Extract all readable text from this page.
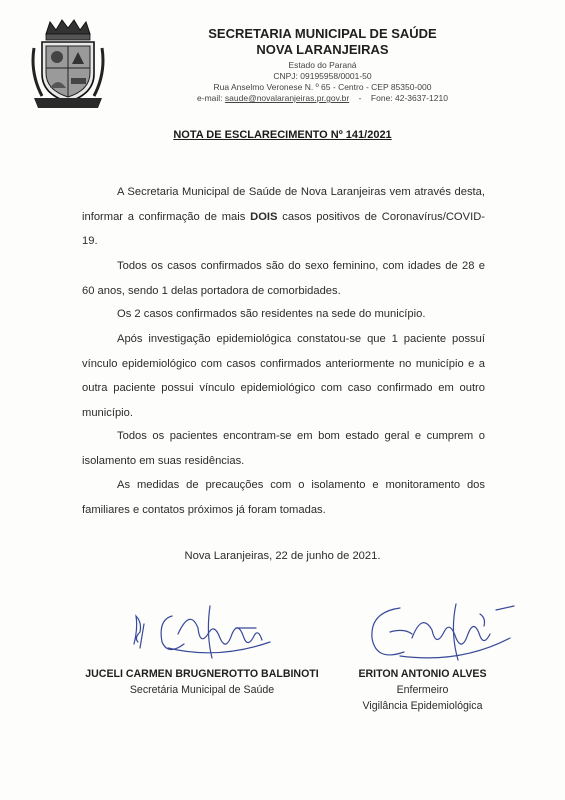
SECRETARIA MUNICIPAL DE SAÚDE
NOVA LARANJEIRAS
Estado do Paraná
CNPJ: 09195958/0001-50
Rua Anselmo Veronese N. º 65 - Centro - CEP 85350-000
e-mail: saude@novalaranjeiras.pr.gov.br - Fone: 42-3637-1210
NOTA DE ESCLARECIMENTO Nº 141/2021
A Secretaria Municipal de Saúde de Nova Laranjeiras vem através desta, informar a confirmação de mais DOIS casos positivos de Coronavírus/COVID-19.
Todos os casos confirmados são do sexo feminino, com idades de 28 e 60 anos, sendo 1 delas portadora de comorbidades.
Os 2 casos confirmados são residentes na sede do município.
Após investigação epidemiológica constatou-se que 1 paciente possuí vínculo epidemiológico com casos confirmados anteriormente no município e a outra paciente possui vínculo epidemiológico com caso confirmado em outro município.
Todos os pacientes encontram-se em bom estado geral e cumprem o isolamento em suas residências.
As medidas de precauções com o isolamento e monitoramento dos familiares e contatos próximos já foram tomadas.
Nova Laranjeiras, 22 de junho de 2021.
JUCELI CARMEN BRUGNEROTTO BALBINOTI
Secretária Municipal de Saúde
ERITON ANTONIO ALVES
Enfermeiro
Vigilância Epidemiológica
